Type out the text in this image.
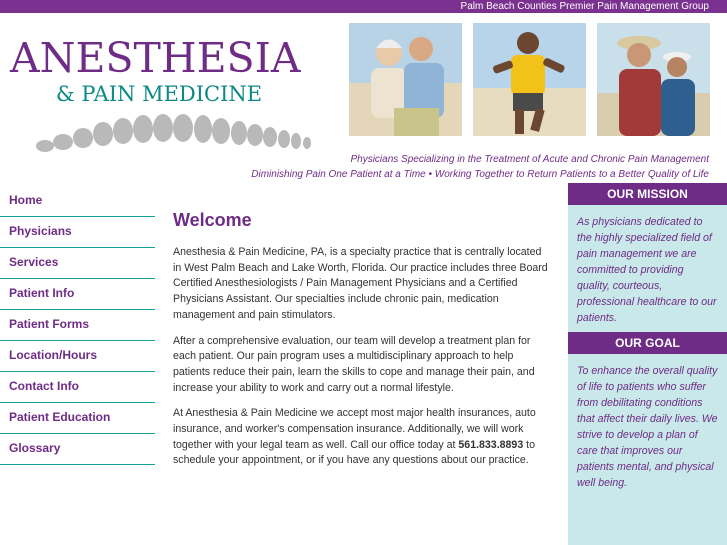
Palm Beach Counties Premier Pain Management Group
ANESTHESIA
& PAIN MEDICINE
Physicians Specializing in the Treatment of Acute and Chronic Pain Management
Diminishing Pain One Patient at a Time • Working Together to Return Patients to a Better Quality of Life
Home
Physicians
Services
Patient Info
Patient Forms
Location/Hours
Contact Info
Patient Education
Glossary
Welcome

Anesthesia & Pain Medicine, PA, is a specialty practice that is centrally located in West Palm Beach and Lake Worth, Florida. Our practice includes three Board Certified Anesthesiologists / Pain Management Physicians and a Certified Physicians Assistant. Our specialties include chronic pain, medication management and pain stimulators.

After a comprehensive evaluation, our team will develop a treatment plan for each patient. Our pain program uses a multidisciplinary approach to help patients reduce their pain, learn the skills to cope and manage their pain, and increase your ability to work and carry out a normal lifestyle.

At Anesthesia & Pain Medicine we accept most major health insurances, auto insurance, and worker's compensation insurance. Additionally, we will work together with your legal team as well. Call our office today at 561.833.8893 to schedule your appointment, or if you have any questions about our practice.

OUR MISSION
As physicians dedicated to the highly specialized field of pain management we are committed to providing quality, courteous, professional healthcare to our patients.
OUR GOAL
To enhance the overall quality of life to patients who suffer from debilitating conditions that affect their daily lives. We strive to develop a plan of care that improves our patients mental, and physical well being.
